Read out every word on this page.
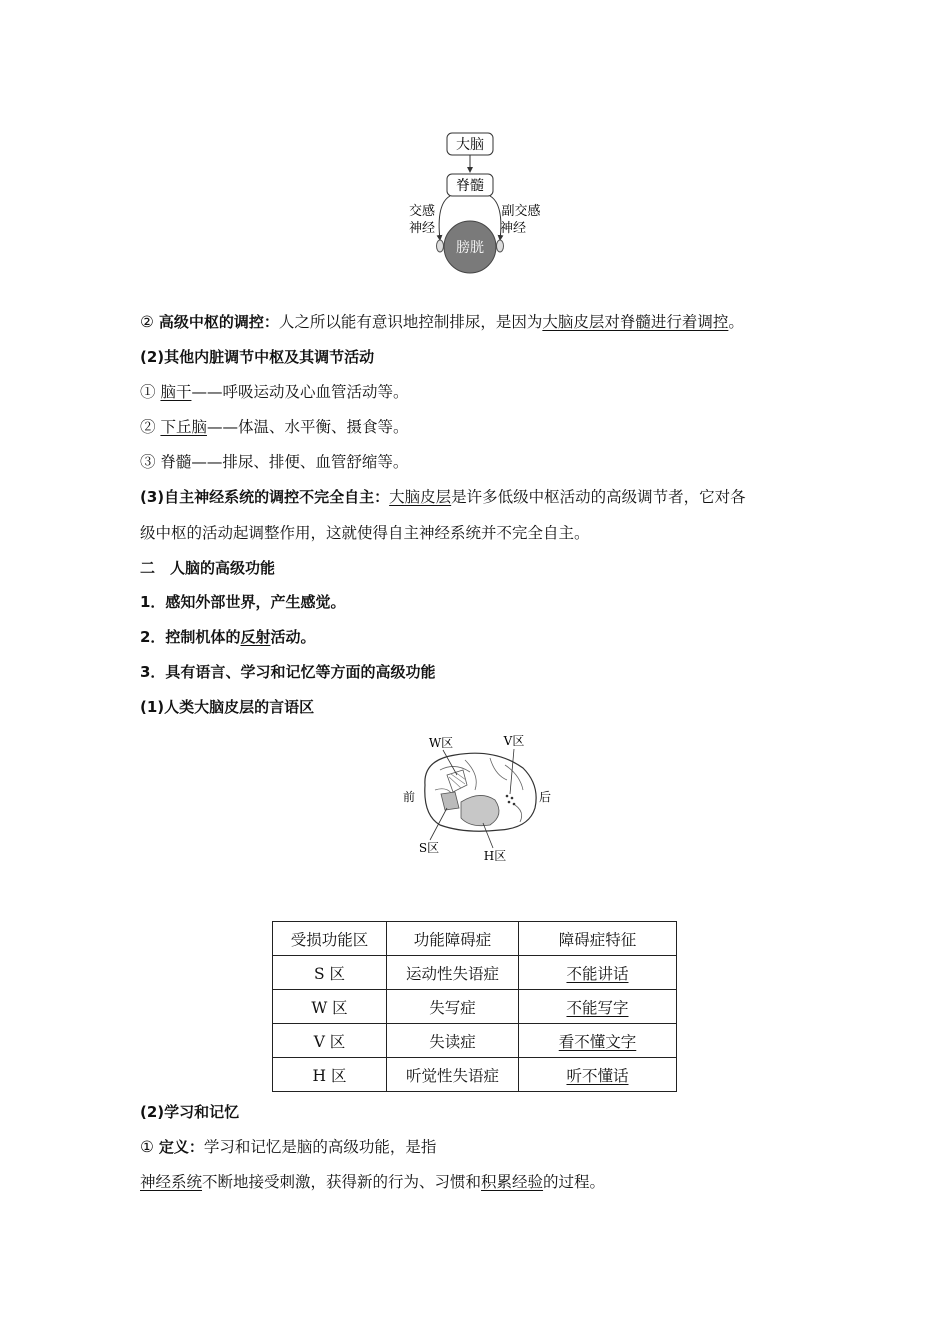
大脑
脊髓
交感
神经
副交感
神经
膀胱
② 高级中枢的调控：人之所以能有意识地控制排尿，是因为大脑皮层对脊髓进行着调控。
(2)其他内脏调节中枢及其调节活动
① 脑干——呼吸运动及心血管活动等。
② 下丘脑——体温、水平衡、摄食等。
③ 脊髓——排尿、排便、血管舒缩等。
(3)自主神经系统的调控不完全自主：大脑皮层是许多低级中枢活动的高级调节者，它对各
级中枢的活动起调整作用，这就使得自主神经系统并不完全自主。
二　人脑的高级功能
1．感知外部世界，产生感觉。
2．控制机体的反射活动。
3．具有语言、学习和记忆等方面的高级功能
(1)人类大脑皮层的言语区
W区	V区
前	后
S区
H区
受损功能区	功能障碍症	障碍症特征
S 区	运动性失语症	不能讲话
W 区	失写症	不能写字
V 区	失读症	看不懂文字
H 区	听觉性失语症	听不懂话
(2)学习和记忆
① 定义：学习和记忆是脑的高级功能，是指
神经系统不断地接受刺激，获得新的行为、习惯和积累经验的过程。
